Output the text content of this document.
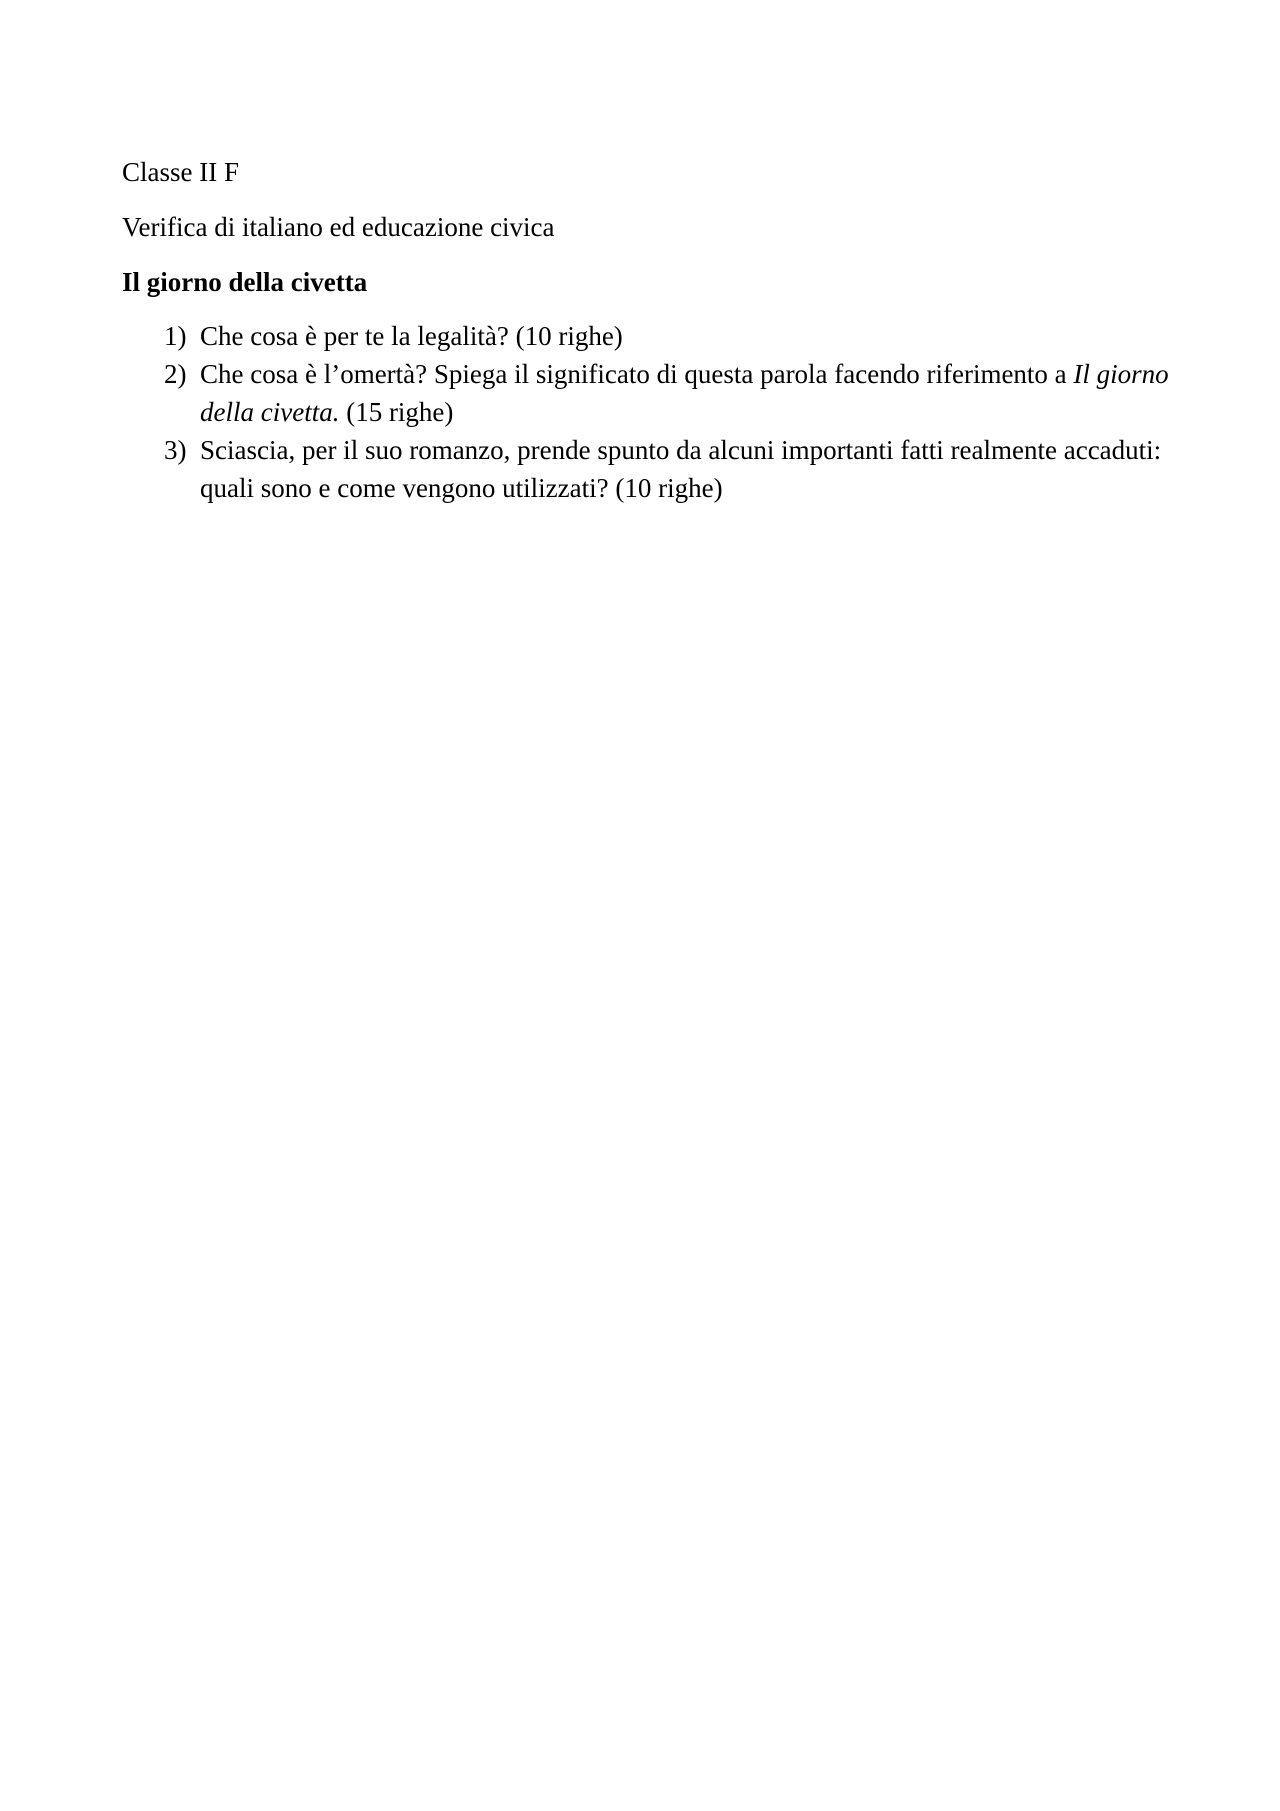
Classe II F

Verifica di italiano ed educazione civica

Il giorno della civetta

1) Che cosa è per te la legalità? (10 righe)
2) Che cosa è l’omertà? Spiega il significato di questa parola facendo riferimento a Il giorno della civetta. (15 righe)
3) Sciascia, per il suo romanzo, prende spunto da alcuni importanti fatti realmente accaduti: quali sono e come vengono utilizzati? (10 righe)
